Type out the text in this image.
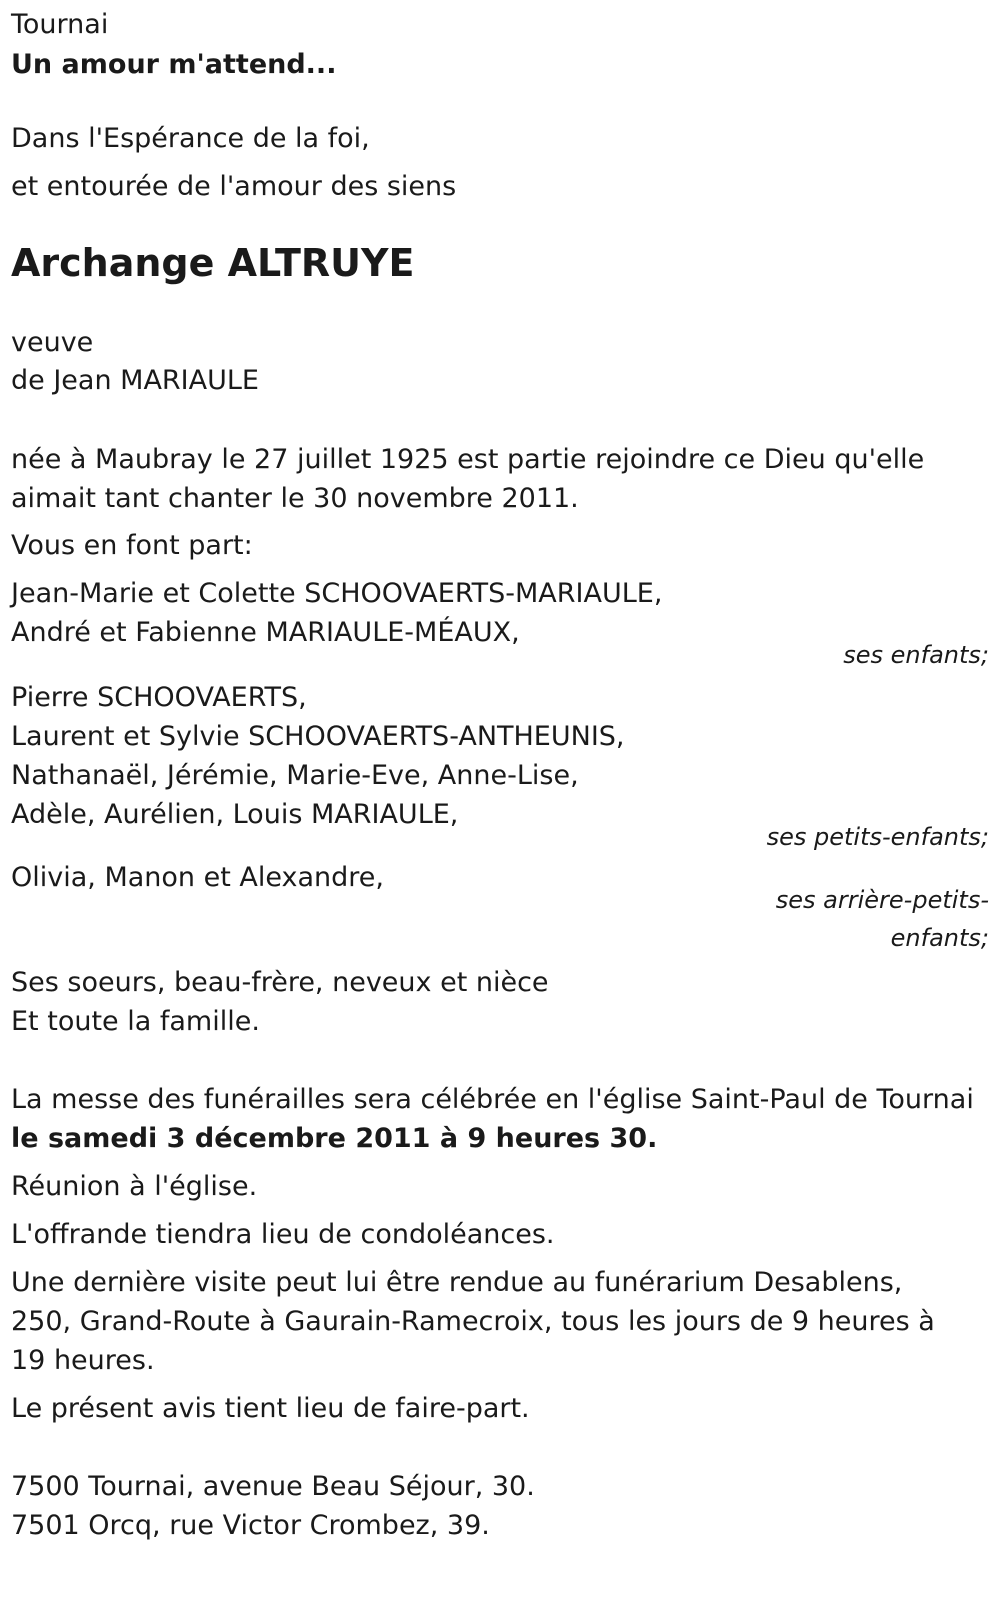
Tournai
Un amour m'attend...
Dans l'Espérance de la foi,
et entourée de l'amour des siens
Archange ALTRUYE
veuve
de Jean MARIAULE
née à Maubray le 27 juillet 1925 est partie rejoindre ce Dieu qu'elle aimait tant chanter le 30 novembre 2011.
Vous en font part:
Jean-Marie et Colette SCHOOVAERTS-MARIAULE,
André et Fabienne MARIAULE-MÉAUX,
ses enfants;
Pierre SCHOOVAERTS,
Laurent et Sylvie SCHOOVAERTS-ANTHEUNIS,
Nathanaël, Jérémie, Marie-Eve, Anne-Lise,
Adèle, Aurélien, Louis MARIAULE,
ses petits-enfants;
Olivia, Manon et Alexandre,
ses arrière-petits-enfants;
Ses soeurs, beau-frère, neveux et nièce
Et toute la famille.
La messe des funérailles sera célébrée en l'église Saint-Paul de Tournai le samedi 3 décembre 2011 à 9 heures 30.
Réunion à l'église.
L'offrande tiendra lieu de condoléances.
Une dernière visite peut lui être rendue au funérarium Desablens, 250, Grand-Route à Gaurain-Ramecroix, tous les jours de 9 heures à 19 heures.
Le présent avis tient lieu de faire-part.
7500 Tournai, avenue Beau Séjour, 30.
7501 Orcq, rue Victor Crombez, 39.
